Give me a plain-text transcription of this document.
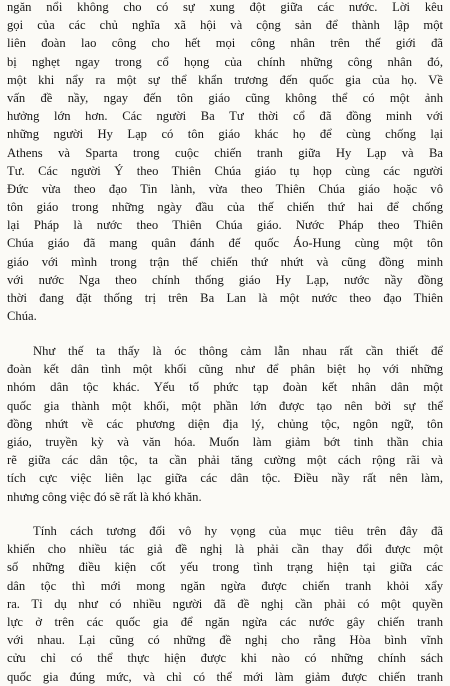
ngăn nổi không cho có sự xung đột giữa các nước. Lời kêu
gọi của các chủ nghĩa xã hội và cộng sản để thành lập một
liên đoàn lao công cho hết mọi công nhân trên thế giới đã
bị nghẹt ngay trong cổ họng của chính những công nhân đó,
một khi nẩy ra một sự thể khẩn trương đến quốc gia của họ. Về
vấn đề nầy, ngay đến tôn giáo cũng không thể có một ảnh
hưởng lớn hơn. Các người Ba Tư thời cổ đã đồng minh với
những người Hy Lạp có tôn giáo khác họ để cùng chống lại
Athens và Sparta trong cuộc chiến tranh giữa Hy Lạp và Ba
Tư. Các người Ý theo Thiên Chúa giáo tụ họp cùng các người
Đức vừa theo đạo Tin lành, vừa theo Thiên Chúa giáo hoặc vô
tôn giáo trong những ngày đầu của thế chiến thứ hai để chống
lại Pháp là nước theo Thiên Chúa giáo. Nước Pháp theo Thiên
Chúa giáo đã mang quân đánh đế quốc Áo-Hung cùng một tôn
giáo với mình trong trận thế chiến thứ nhứt và cũng đồng minh
với nước Nga theo chính thống giáo Hy Lạp, nước nầy đồng
thời đang đặt thống trị trên Ba Lan là một nước theo đạo Thiên
Chúa.
Như thế ta thấy là óc thông cảm lẫn nhau rất cần thiết để
đoàn kết dân tình một khối cũng như để phân biệt họ với những
nhóm dân tộc khác. Yếu tố phức tạp đoàn kết nhân dân một
quốc gia thành một khối, một phần lớn được tạo nên bởi sự thể
đồng nhứt về các phương diện địa lý, chủng tộc, ngôn ngữ, tôn
giáo, truyền kỳ và văn hóa. Muốn làm giảm bớt tinh thần chia
rẽ giữa các dân tộc, ta cần phải tăng cường một cách rộng rãi và
tích cực việc liên lạc giữa các dân tộc. Điều nầy rất nên làm,
nhưng công việc đó sẽ rất là khó khăn.
Tính cách tương đối vô hy vọng của mục tiêu trên đây đã
khiến cho nhiều tác giả đề nghị là phải cần thay đổi được một
số những điều kiện cốt yếu trong tình trạng hiện tại giữa các
dân tộc thì mới mong ngăn ngừa được chiến tranh khỏi xẩy
ra. Tỉ dụ như có nhiều người đã đề nghị cần phải có một quyền
lực ở trên các quốc gia để ngăn ngừa các nước gây chiến tranh
với nhau. Lại cũng có những đề nghị cho rằng Hòa bình vĩnh
cửu chỉ có thể thực hiện được khi nào có những chính sách
quốc gia đúng mức, và chỉ có thể mới làm giảm được chiến tranh
